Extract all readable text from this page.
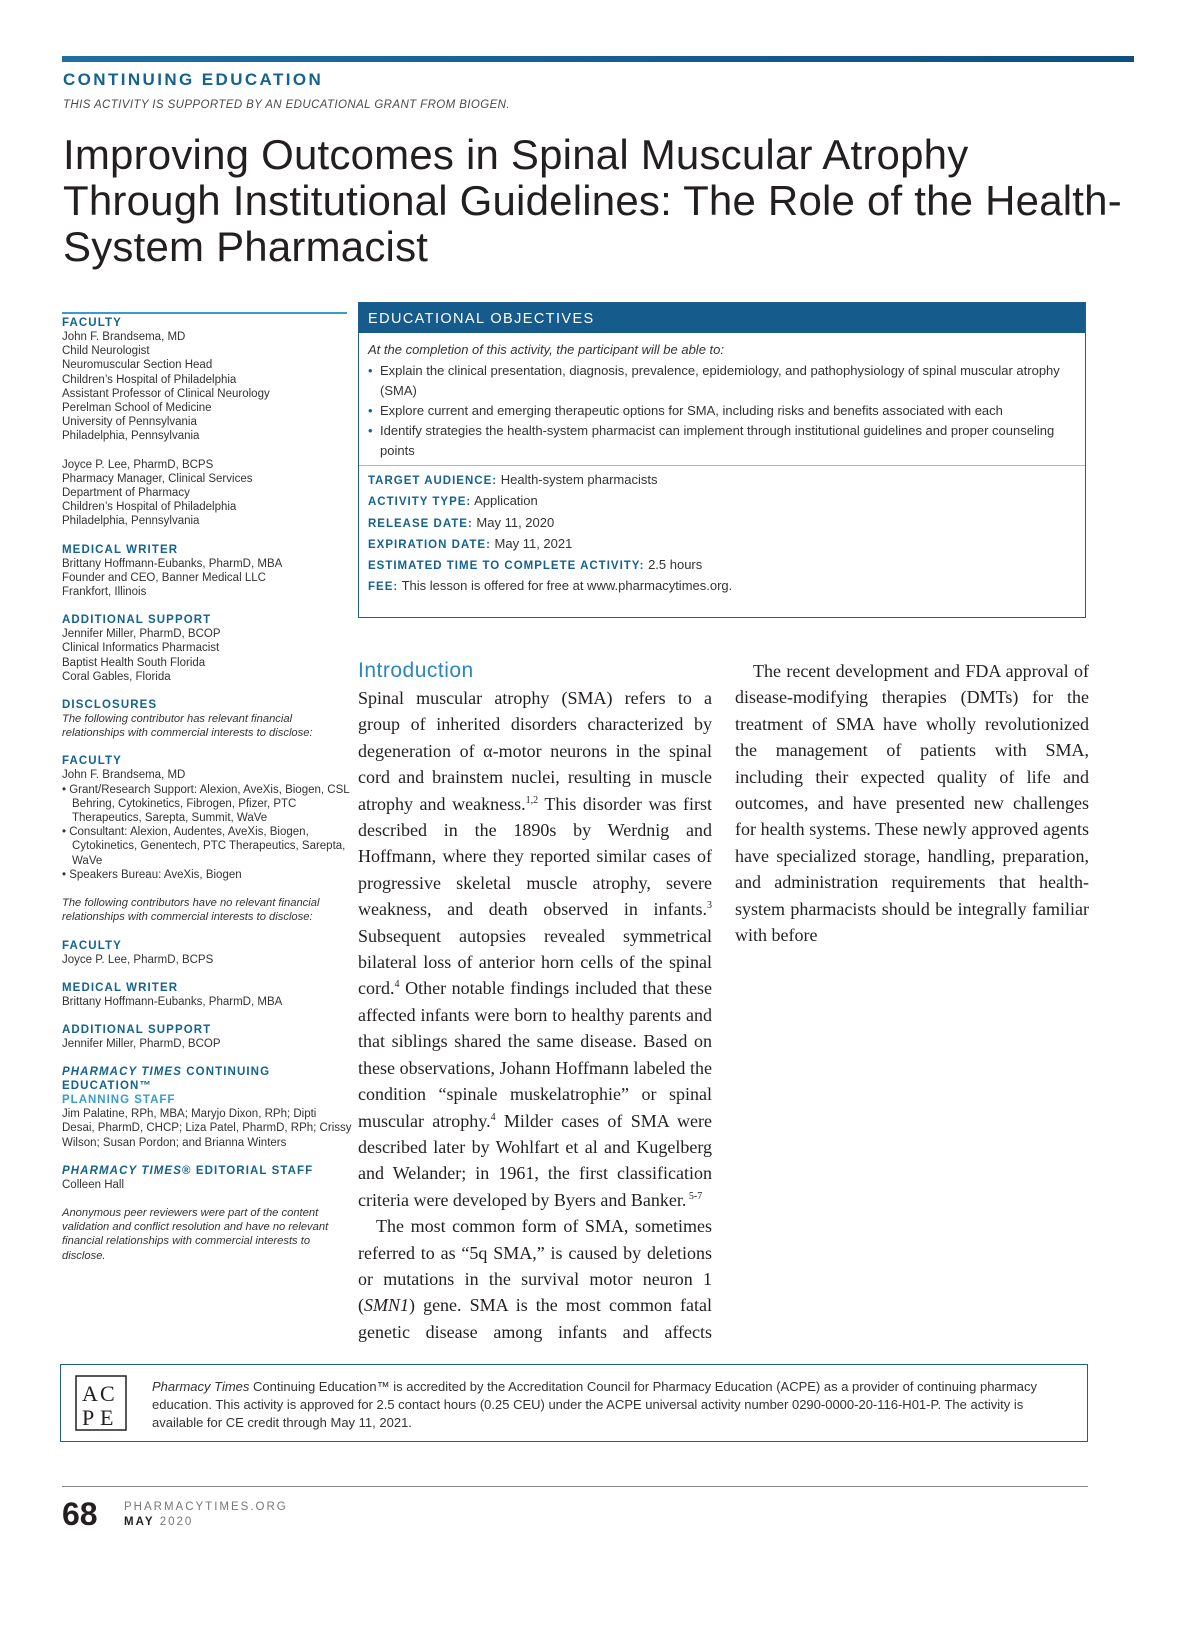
CONTINUING EDUCATION
THIS ACTIVITY IS SUPPORTED BY AN EDUCATIONAL GRANT FROM BIOGEN.
Improving Outcomes in Spinal Muscular Atrophy Through Institutional Guidelines: The Role of the Health-System Pharmacist
FACULTY
John F. Brandsema, MD
Child Neurologist
Neuromuscular Section Head
Children’s Hospital of Philadelphia
Assistant Professor of Clinical Neurology
Perelman School of Medicine
University of Pennsylvania
Philadelphia, Pennsylvania
Joyce P. Lee, PharmD, BCPS
Pharmacy Manager, Clinical Services
Department of Pharmacy
Children’s Hospital of Philadelphia
Philadelphia, Pennsylvania
MEDICAL WRITER
Brittany Hoffmann-Eubanks, PharmD, MBA
Founder and CEO, Banner Medical LLC
Frankfort, Illinois
ADDITIONAL SUPPORT
Jennifer Miller, PharmD, BCOP
Clinical Informatics Pharmacist
Baptist Health South Florida
Coral Gables, Florida
DISCLOSURES
The following contributor has relevant financial relationships with commercial interests to disclose:
FACULTY
John F. Brandsema, MD
• Grant/Research Support: Alexion, AveXis, Biogen, CSL Behring, Cytokinetics, Fibrogen, Pfizer, PTC Therapeutics, Sarepta, Summit, WaVe
• Consultant: Alexion, Audentes, AveXis, Biogen, Cytokinetics, Genentech, PTC Therapeutics, Sarepta, WaVe
• Speakers Bureau: AveXis, Biogen
The following contributors have no relevant financial relationships with commercial interests to disclose:
FACULTY
Joyce P. Lee, PharmD, BCPS
MEDICAL WRITER
Brittany Hoffmann-Eubanks, PharmD, MBA
ADDITIONAL SUPPORT
Jennifer Miller, PharmD, BCOP
PHARMACY TIMES CONTINUING EDUCATION™
PLANNING STAFF
Jim Palatine, RPh, MBA; Maryjo Dixon, RPh; Dipti Desai, PharmD, CHCP; Liza Patel, PharmD, RPh; Crissy Wilson; Susan Pordon; and Brianna Winters
PHARMACY TIMES® EDITORIAL STAFF
Colleen Hall
Anonymous peer reviewers were part of the content validation and conflict resolution and have no relevant financial relationships with commercial interests to disclose.
EDUCATIONAL OBJECTIVES
At the completion of this activity, the participant will be able to:
• Explain the clinical presentation, diagnosis, prevalence, epidemiology, and pathophysiology of spinal muscular atrophy (SMA)
• Explore current and emerging therapeutic options for SMA, including risks and benefits associated with each
• Identify strategies the health-system pharmacist can implement through institutional guidelines and proper counseling points
TARGET AUDIENCE: Health-system pharmacists
ACTIVITY TYPE: Application
RELEASE DATE: May 11, 2020
EXPIRATION DATE: May 11, 2021
ESTIMATED TIME TO COMPLETE ACTIVITY: 2.5 hours
FEE: This lesson is offered for free at www.pharmacytimes.org.
Introduction

Spinal muscular atrophy (SMA) refers to a group of inherited disorders characterized by degeneration of α-motor neurons in the spinal cord and brainstem nuclei, resulting in muscle atrophy and weakness.$^{1,2}$ This disorder was first described in the 1890s by Werdnig and Hoffmann, where they reported similar cases of progressive skeletal muscle atrophy, severe weakness, and death observed in infants.$^3$ Subsequent autopsies revealed symmetrical bilateral loss of anterior horn cells of the spinal cord.$^4$ Other notable findings included that these affected infants were born to healthy parents and that siblings shared the same disease. Based on these observations, Johann Hoffmann labeled the condition “spinale muskelatrophie” or spinal muscular atrophy.$^4$ Milder cases of SMA were described later by Wohlfart et al and Kugelberg and Welander; in 1961, the first classification criteria were developed by Byers and Banker. $^{5-7}$

The most common form of SMA, sometimes referred to as “5q SMA,” is caused by deletions or mutations in the survival motor neuron 1 (SMN1) gene. SMA is the most common fatal genetic disease among infants and affects

The recent development and FDA approval of disease-modifying therapies (DMTs) for the treatment of SMA have wholly revolutionized the management of patients with SMA, including their expected quality of life and outcomes, and have presented new challenges for health systems. These newly approved agents have specialized storage, handling, preparation, and administration requirements that health-system pharmacists should be integrally familiar with before

A C
P E
Pharmacy Times Continuing Education™ is accredited by the Accreditation Council for Pharmacy Education (ACPE) as a provider of continuing pharmacy education. This activity is approved for 2.5 contact hours (0.25 CEU) under the ACPE universal activity number 0290-0000-20-116-H01-P. The activity is available for CE credit through May 11, 2021.
68 PHARMACYTIMES.ORG
MAY 2020
